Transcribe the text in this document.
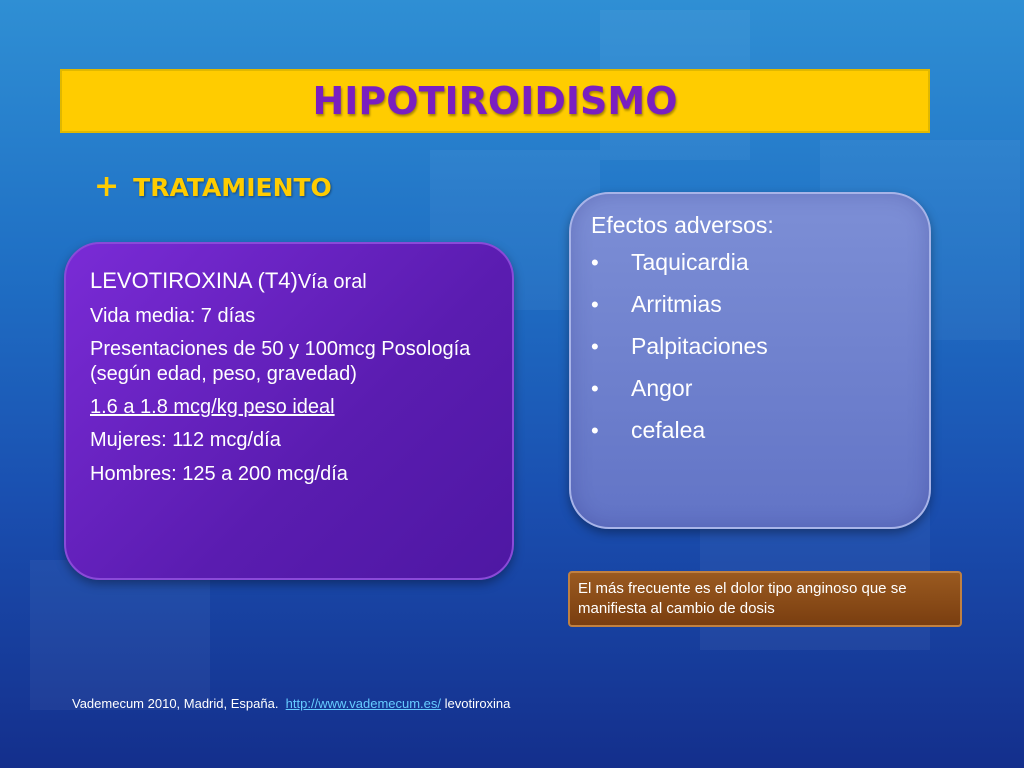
HIPOTIROIDISMO
+ TRATAMIENTO

LEVOTIROXINA (T4)Vía oral

Vida media: 7 días

Presentaciones de 50 y 100mcg Posología (según edad, peso, gravedad)

1.6 a 1.8 mcg/kg peso ideal

Mujeres: 112 mcg/día

Hombres: 125 a 200 mcg/día

Efectos adversos:

•	Taquicardia
•	Arritmias
•	Palpitaciones
•	Angor
•	cefalea
El más frecuente es el dolor tipo anginoso que se manifiesta al cambio de dosis
Vademecum 2010, Madrid, España. http://www.vademecum.es/ levotiroxina
